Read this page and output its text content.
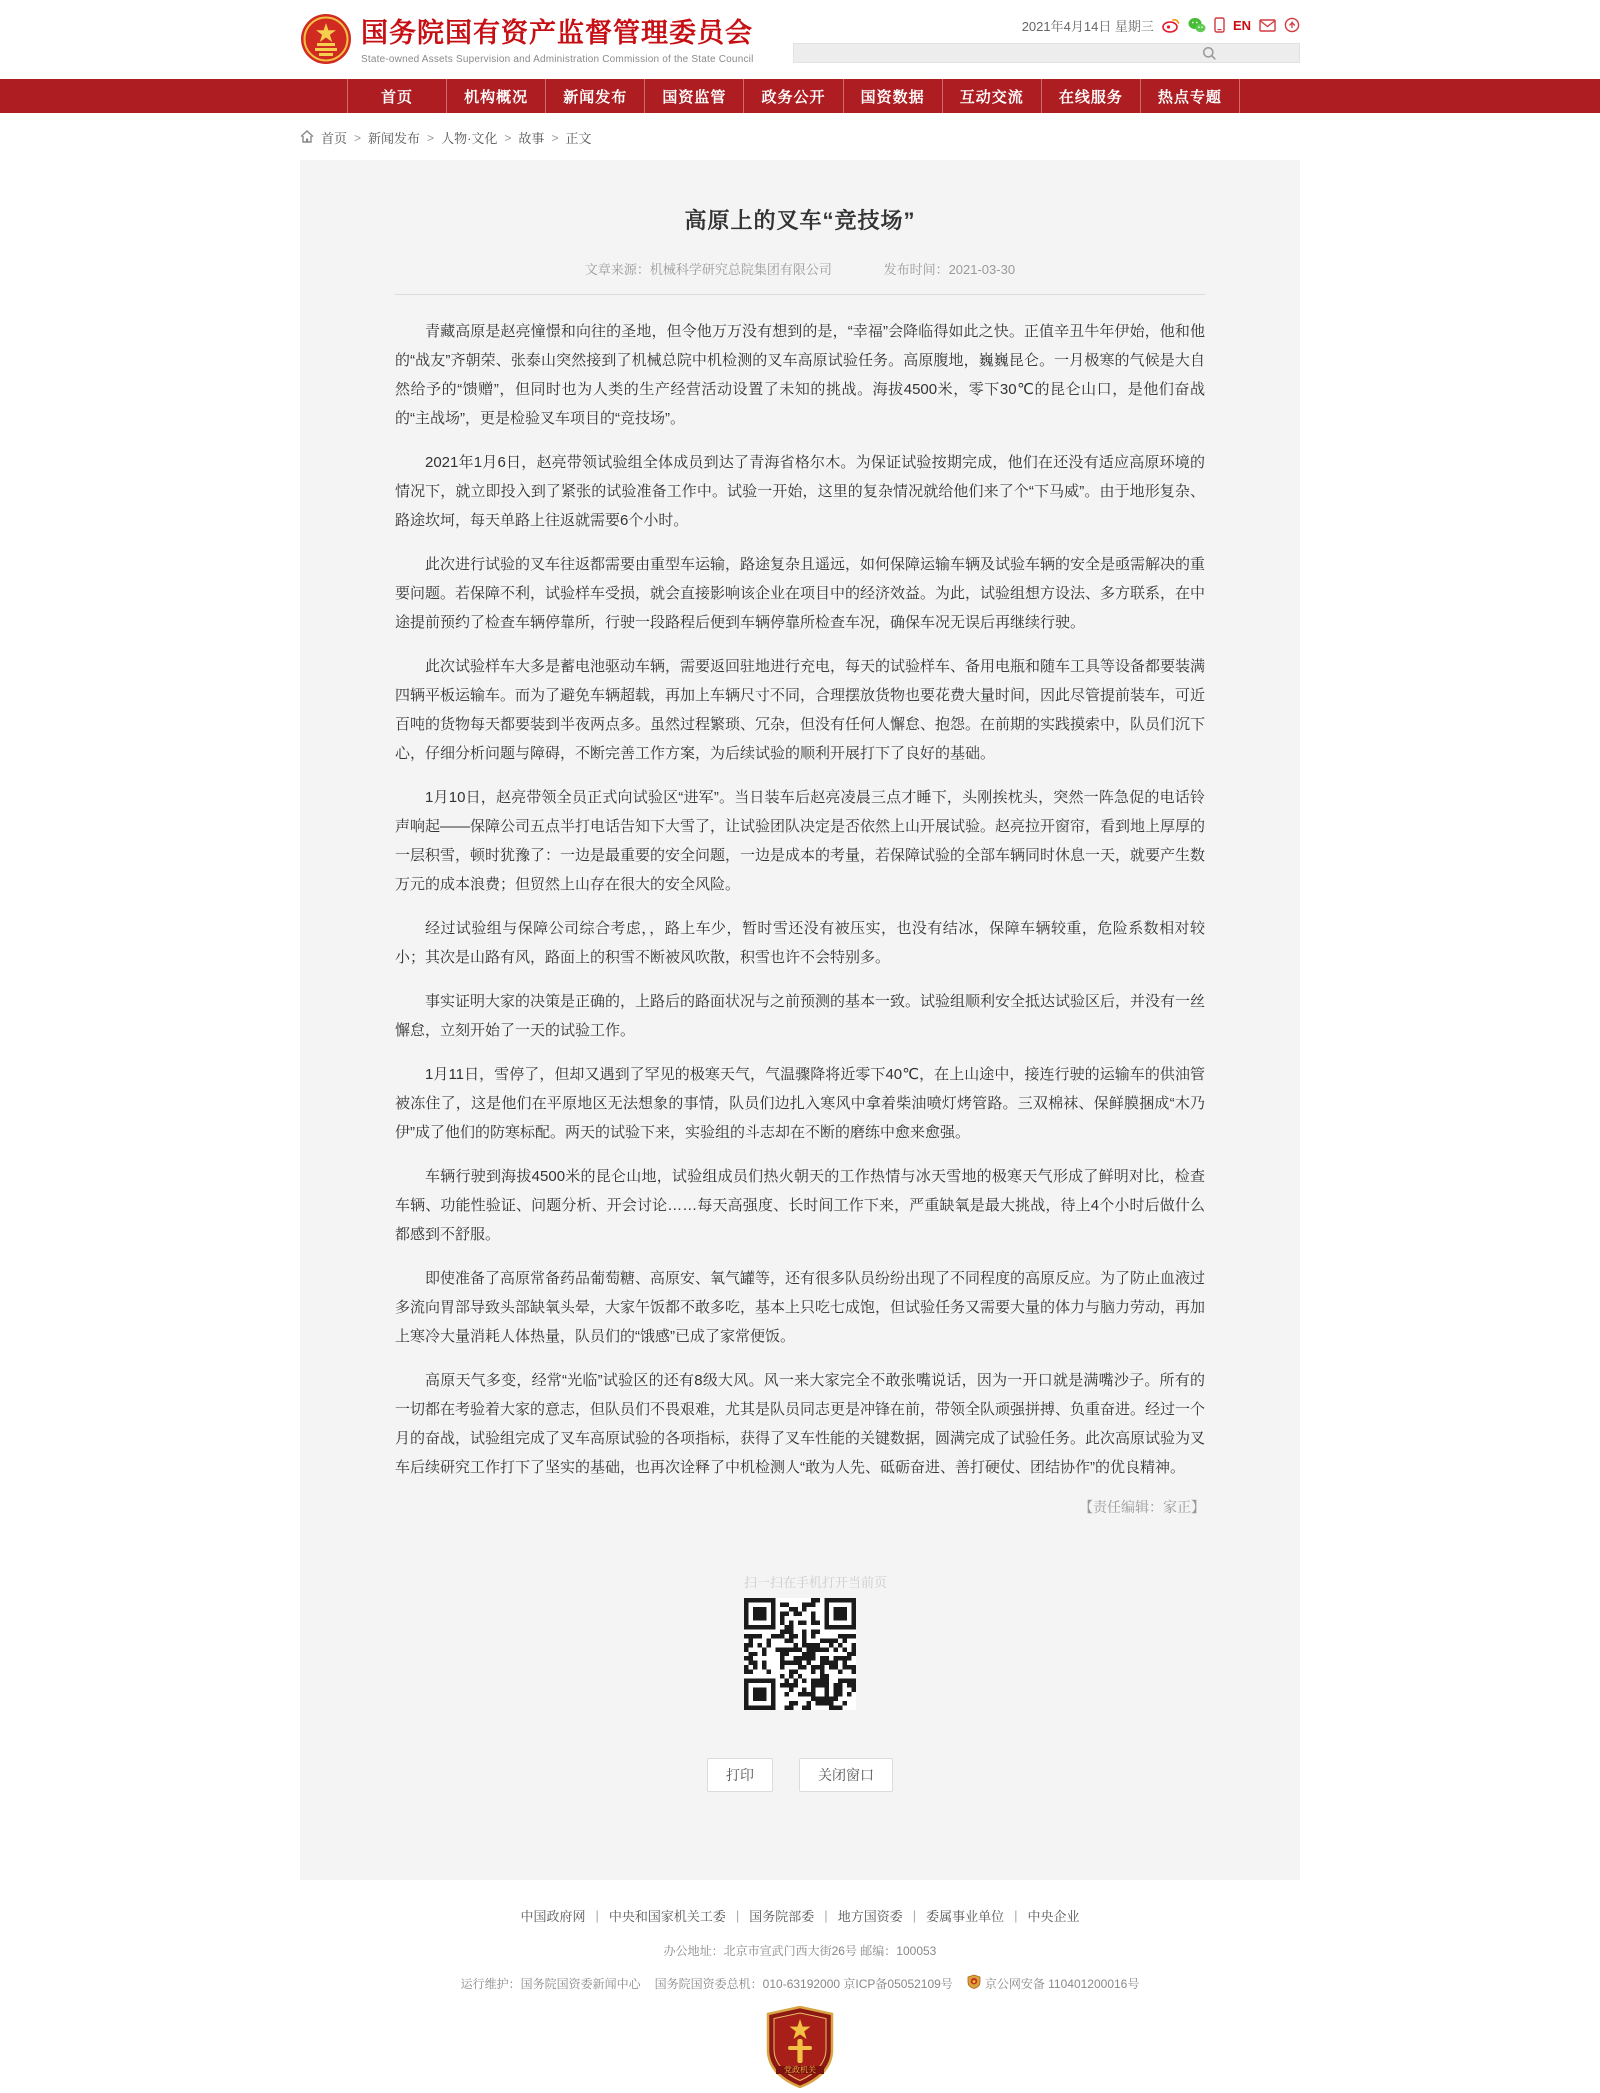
国务院国有资产监督管理委员会
State-owned Assets Supervision and Administration Commission of the State Council
2021年4月14日 星期三	EN
首页	机构概况	新闻发布	国资监管	政务公开	国资数据	互动交流	在线服务	热点专题
首页 > 新闻发布 > 人物·文化 > 故事 > 正文
高原上的叉车“竞技场”
文章来源：机械科学研究总院集团有限公司	发布时间：2021-03-30

青藏高原是赵亮憧憬和向往的圣地，但令他万万没有想到的是，“幸福”会降临得如此之快。正值辛丑牛年伊始，他和他的“战友”齐朝荣、张泰山突然接到了机械总院中机检测的叉车高原试验任务。高原腹地，巍巍昆仑。一月极寒的气候是大自然给予的“馈赠”，但同时也为人类的生产经营活动设置了未知的挑战。海拔4500米，零下30℃的昆仑山口，是他们奋战的“主战场”，更是检验叉车项目的“竞技场”。

2021年1月6日，赵亮带领试验组全体成员到达了青海省格尔木。为保证试验按期完成，他们在还没有适应高原环境的情况下，就立即投入到了紧张的试验准备工作中。试验一开始，这里的复杂情况就给他们来了个“下马威”。由于地形复杂、路途坎坷，每天单路上往返就需要6个小时。

此次进行试验的叉车往返都需要由重型车运输，路途复杂且遥远，如何保障运输车辆及试验车辆的安全是亟需解决的重要问题。若保障不利，试验样车受损，就会直接影响该企业在项目中的经济效益。为此，试验组想方设法、多方联系，在中途提前预约了检查车辆停靠所，行驶一段路程后便到车辆停靠所检查车况，确保车况无误后再继续行驶。

此次试验样车大多是蓄电池驱动车辆，需要返回驻地进行充电，每天的试验样车、备用电瓶和随车工具等设备都要装满四辆平板运输车。而为了避免车辆超载，再加上车辆尺寸不同，合理摆放货物也要花费大量时间，因此尽管提前装车，可近百吨的货物每天都要装到半夜两点多。虽然过程繁琐、冗杂，但没有任何人懈怠、抱怨。在前期的实践摸索中，队员们沉下心，仔细分析问题与障碍，不断完善工作方案，为后续试验的顺利开展打下了良好的基础。

1月10日，赵亮带领全员正式向试验区“进军”。当日装车后赵亮凌晨三点才睡下，头刚挨枕头，突然一阵急促的电话铃声响起——保障公司五点半打电话告知下大雪了，让试验团队决定是否依然上山开展试验。赵亮拉开窗帘，看到地上厚厚的一层积雪，顿时犹豫了：一边是最重要的安全问题，一边是成本的考量，若保障试验的全部车辆同时休息一天，就要产生数万元的成本浪费；但贸然上山存在很大的安全风险。

经过试验组与保障公司综合考虑，，路上车少，暂时雪还没有被压实，也没有结冰，保障车辆较重，危险系数相对较小；其次是山路有风，路面上的积雪不断被风吹散，积雪也许不会特别多。

事实证明大家的决策是正确的，上路后的路面状况与之前预测的基本一致。试验组顺利安全抵达试验区后，并没有一丝懈怠，立刻开始了一天的试验工作。

1月11日，雪停了，但却又遇到了罕见的极寒天气，气温骤降将近零下40℃，在上山途中，接连行驶的运输车的供油管被冻住了，这是他们在平原地区无法想象的事情，队员们边扎入寒风中拿着柴油喷灯烤管路。三双棉袜、保鲜膜捆成“木乃伊”成了他们的防寒标配。两天的试验下来，实验组的斗志却在不断的磨练中愈来愈强。

车辆行驶到海拔4500米的昆仑山地，试验组成员们热火朝天的工作热情与冰天雪地的极寒天气形成了鲜明对比，检查车辆、功能性验证、问题分析、开会讨论……每天高强度、长时间工作下来，严重缺氧是最大挑战，待上4个小时后做什么都感到不舒服。

即使准备了高原常备药品葡萄糖、高原安、氧气罐等，还有很多队员纷纷出现了不同程度的高原反应。为了防止血液过多流向胃部导致头部缺氧头晕，大家午饭都不敢多吃，基本上只吃七成饱，但试验任务又需要大量的体力与脑力劳动，再加上寒冷大量消耗人体热量，队员们的“饿感”已成了家常便饭。

高原天气多变，经常“光临”试验区的还有8级大风。风一来大家完全不敢张嘴说话，因为一开口就是满嘴沙子。所有的一切都在考验着大家的意志，但队员们不畏艰难，尤其是队员同志更是冲锋在前，带领全队顽强拼搏、负重奋进。经过一个月的奋战，试验组完成了叉车高原试验的各项指标，获得了叉车性能的关键数据，圆满完成了试验任务。此次高原试验为叉车后续研究工作打下了坚实的基础，也再次诠释了中机检测人“敢为人先、砥砺奋进、善打硬仗、团结协作”的优良精神。

【责任编辑：家正】
扫一扫在手机打开当前页
打印	关闭窗口
中国政府网 | 中央和国家机关工委 | 国务院部委 | 地方国资委 | 委属事业单位 | 中央企业
办公地址：北京市宣武门西大街26号 邮编：100053
运行维护：国务院国资委新闻中心 国务院国资委总机：010-63192000 京ICP备05052109号	京公网安备 110401200016号
党政机关
